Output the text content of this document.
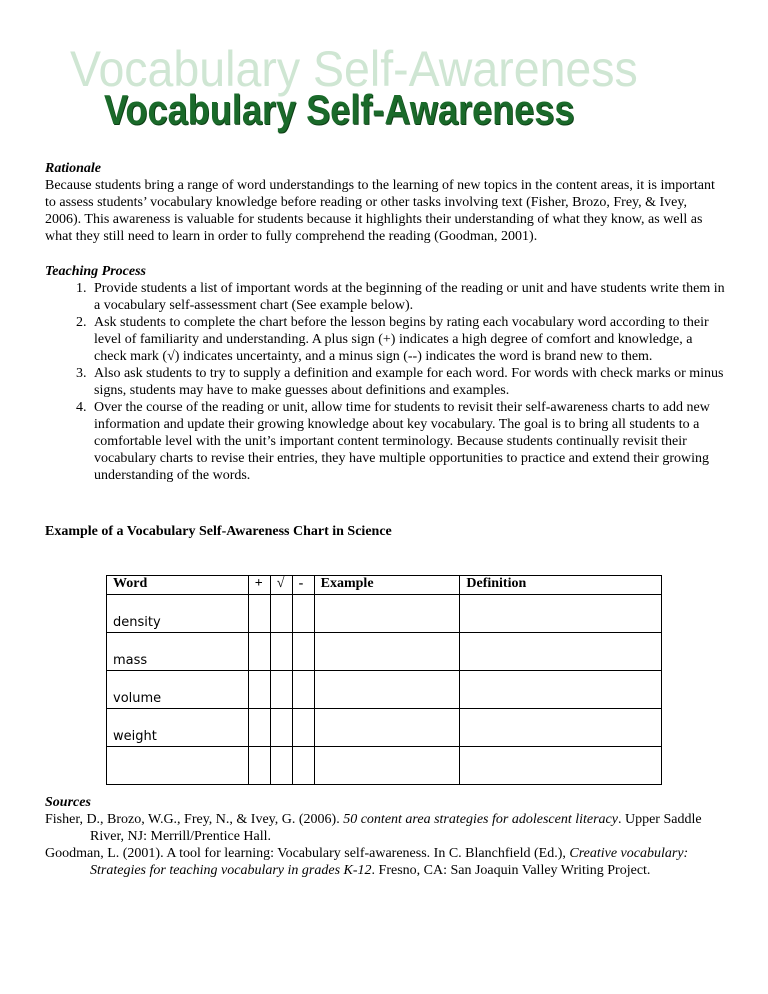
Vocabulary Self-Awareness
Vocabulary Self-Awareness
Rationale
Because students bring a range of word understandings to the learning of new topics in the content areas, it is important to assess students’ vocabulary knowledge before reading or other tasks involving text (Fisher, Brozo, Frey, & Ivey, 2006). This awareness is valuable for students because it highlights their understanding of what they know, as well as what they still need to learn in order to fully comprehend the reading (Goodman, 2001).
Teaching Process
1. Provide students a list of important words at the beginning of the reading or unit and have students write them in a vocabulary self-assessment chart (See example below).
2. Ask students to complete the chart before the lesson begins by rating each vocabulary word according to their level of familiarity and understanding. A plus sign (+) indicates a high degree of comfort and knowledge, a check mark (√) indicates uncertainty, and a minus sign (--) indicates the word is brand new to them.
3. Also ask students to try to supply a definition and example for each word. For words with check marks or minus signs, students may have to make guesses about definitions and examples.
4. Over the course of the reading or unit, allow time for students to revisit their self-awareness charts to add new information and update their growing knowledge about key vocabulary. The goal is to bring all students to a comfortable level with the unit’s important content terminology. Because students continually revisit their vocabulary charts to revise their entries, they have multiple opportunities to practice and extend their growing understanding of the words.
Example of a Vocabulary Self-Awareness Chart in Science
Word	+	√	-	Example	Definition
density					
mass					
volume					
weight					

Sources

Fisher, D., Brozo, W.G., Frey, N., & Ivey, G. (2006). 50 content area strategies for adolescent literacy. Upper Saddle River, NJ: Merrill/Prentice Hall.

Goodman, L. (2001). A tool for learning: Vocabulary self-awareness. In C. Blanchfield (Ed.), Creative vocabulary: Strategies for teaching vocabulary in grades K-12. Fresno, CA: San Joaquin Valley Writing Project.
